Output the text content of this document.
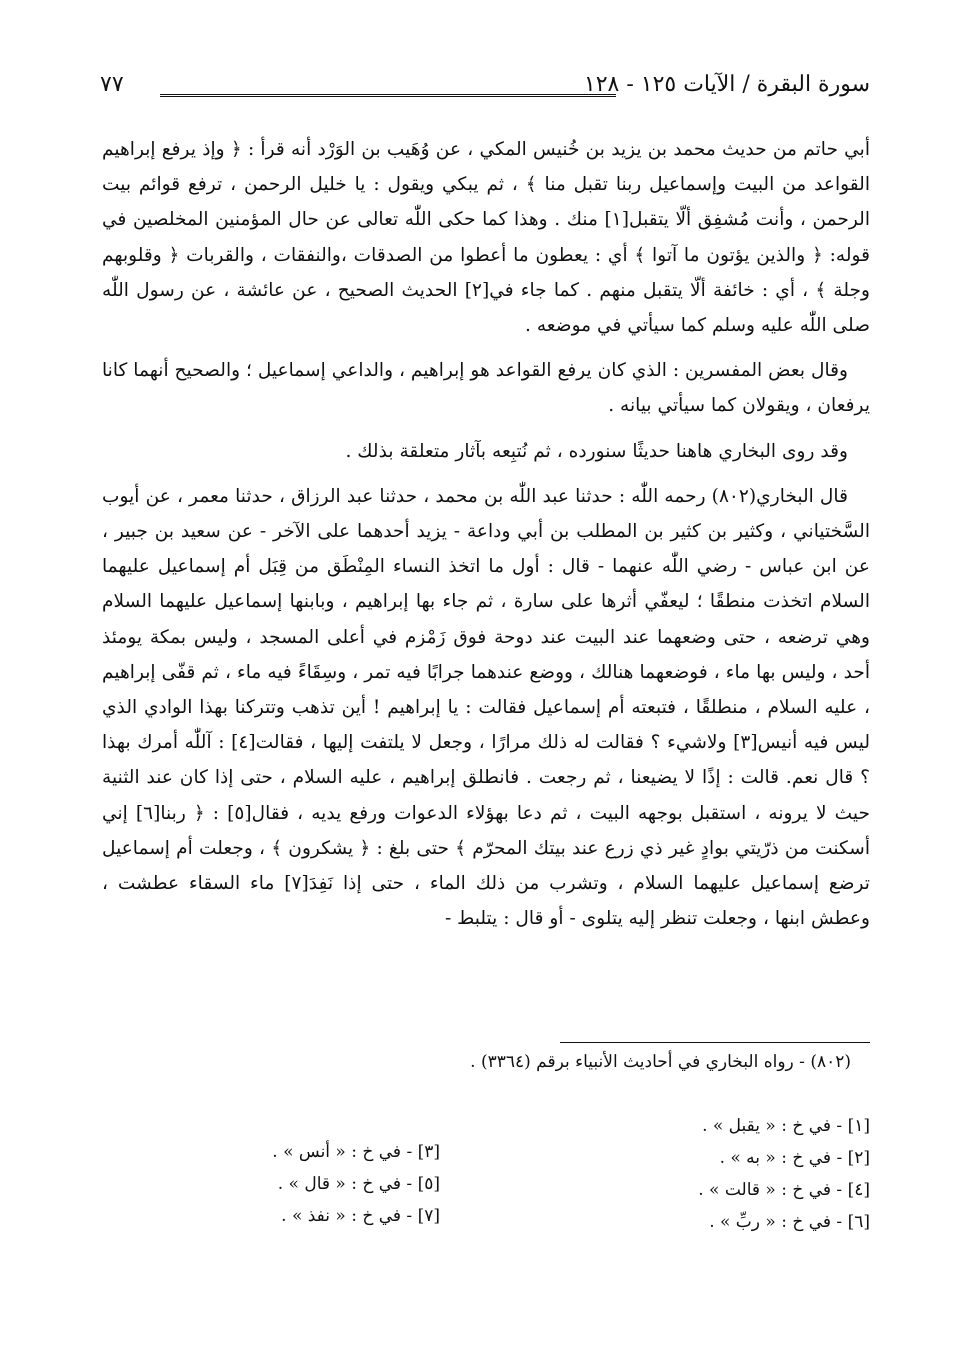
سورة البقرة / الآيات ١٢٥ - ١٢٨
٧٧

أبي حاتم من حديث محمد بن يزيد بن خُنيس المكي ، عن وُهَيب بن الوَرْد أنه قرأ : ﴿ وإذ يرفع إبراهيم القواعد من البيت وإسماعيل ربنا تقبل منا ﴾ ، ثم يبكي ويقول : يا خليل الرحمن ، ترفع قوائم بيت الرحمن ، وأنت مُشفِق ألّا يتقبل[١] منك . وهذا كما حكى اللّٰه تعالى عن حال المؤمنين المخلصين في قوله: ﴿ والذين يؤتون ما آتوا ﴾ أي : يعطون ما أعطوا من الصدقات ،والنفقات ، والقربات ﴿ وقلوبهم وجلة ﴾ ، أي : خائفة ألّا يتقبل منهم . كما جاء في[٢] الحديث الصحيح ، عن عائشة ، عن رسول اللّٰه صلى اللّٰه عليه وسلم كما سيأتي في موضعه .

وقال بعض المفسرين : الذي كان يرفع القواعد هو إبراهيم ، والداعي إسماعيل ؛ والصحيح أنهما كانا يرفعان ، ويقولان كما سيأتي بيانه .

وقد روى البخاري هاهنا حديثًا سنورده ، ثم نُتبِعه بآثار متعلقة بذلك .

قال البخاري(٨٠٢) رحمه اللّٰه : حدثنا عبد اللّٰه بن محمد ، حدثنا عبد الرزاق ، حدثنا معمر ، عن أيوب السَّختياني ، وكثير بن كثير بن المطلب بن أبي وداعة - يزيد أحدهما على الآخر - عن سعيد بن جبير ، عن ابن عباس - رضي اللّٰه عنهما - قال : أول ما اتخذ النساء المِنْطَق من قِبَل أم إسماعيل عليهما السلام اتخذت منطقًا ؛ ليعفّي أثرها على سارة ، ثم جاء بها إبراهيم ، وبابنها إسماعيل عليهما السلام وهي ترضعه ، حتى وضعهما عند البيت عند دوحة فوق زَمْزم في أعلى المسجد ، وليس بمكة يومئذ أحد ، وليس بها ماء ، فوضعهما هنالك ، ووضع عندهما جرابًا فيه تمر ، وسِقَاءً فيه ماء ، ثم قفّى إبراهيم ، عليه السلام ، منطلقًا ، فتبعته أم إسماعيل فقالت : يا إبراهيم ! أين تذهب وتتركنا بهذا الوادي الذي ليس فيه أنيس[٣] ولاشيء ؟ فقالت له ذلك مرارًا ، وجعل لا يلتفت إليها ، فقالت[٤] : آللّٰه أمرك بهذا ؟ قال نعم. قالت : إذًا لا يضيعنا ، ثم رجعت . فانطلق إبراهيم ، عليه السلام ، حتى إذا كان عند الثنية حيث لا يرونه ، استقبل بوجهه البيت ، ثم دعا بهؤلاء الدعوات ورفع يديه ، فقال[٥] : ﴿ ربنا[٦] إني أسكنت من ذرّيتي بوادٍ غير ذي زرع عند بيتك المحرّم ﴾ حتى بلغ : ﴿ يشكرون ﴾ ، وجعلت أم إسماعيل ترضع إسماعيل عليهما السلام ، وتشرب من ذلك الماء ، حتى إذا نَفِدَ[٧] ماء السقاء عطشت ، وعطش ابنها ، وجعلت تنظر إليه يتلوى - أو قال : يتلبط -

(٨٠٢) - رواه البخاري في أحاديث الأنبياء برقم (٣٣٦٤) .
[١] - في خ : « يقبل » .
[٢] - في خ : « به » .
[٤] - في خ : « قالت » .
[٦] - في خ : « ربِّ » .
[٣] - في خ : « أنس » .
[٥] - في خ : « قال » .
[٧] - في خ : « نفذ » .
